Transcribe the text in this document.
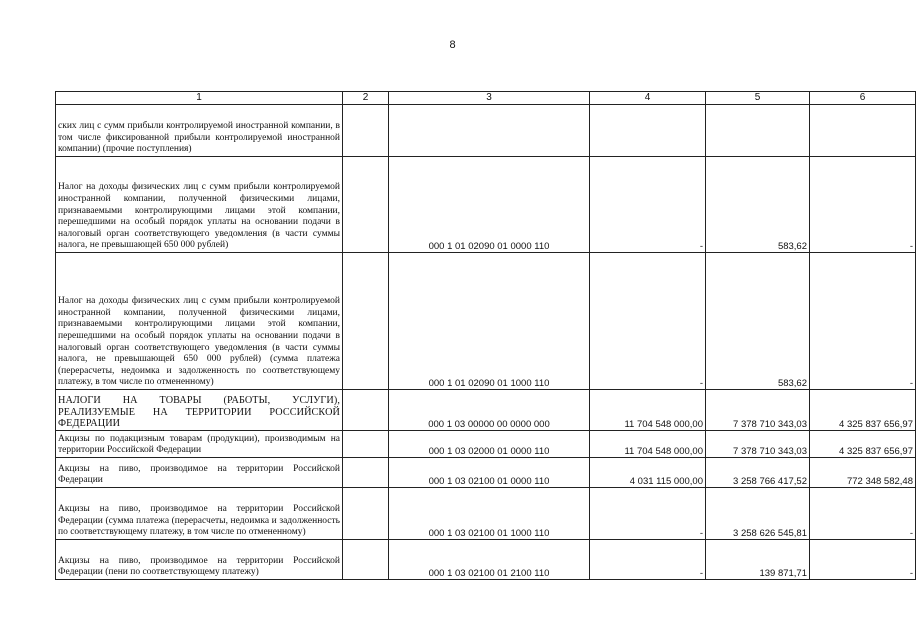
8
1	2	3	4	5	6
ских лиц с сумм прибыли контролируемой иностранной компании, в том числе фиксированной прибыли контролируемой иностранной компании) (прочие поступления)					
Налог на доходы физических лиц с сумм прибыли контролируемой иностранной компании, полученной физическими лицами, признаваемыми контролирующими лицами этой компании, перешедшими на особый порядок уплаты на основании подачи в налоговый орган соответствующего уведомления (в части суммы налога, не превышающей 650 000 рублей)		000 1 01 02090 01 0000 110	-	583,62	-
Налог на доходы физических лиц с сумм прибыли контролируемой иностранной компании, полученной физическими лицами, признаваемыми контролирующими лицами этой компании, перешедшими на особый порядок уплаты на основании подачи в налоговый орган соответствующего уведомления (в части суммы налога, не превышающей 650 000 рублей) (сумма платежа (перерасчеты, недоимка и задолженность по соответствующему платежу, в том числе по отмененному)		000 1 01 02090 01 1000 110	-	583,62	-
НАЛОГИ НА ТОВАРЫ (РАБОТЫ, УСЛУГИ), РЕАЛИЗУЕМЫЕ НА ТЕРРИТОРИИ РОССИЙСКОЙ ФЕДЕРАЦИИ		000 1 03 00000 00 0000 000	11 704 548 000,00	7 378 710 343,03	4 325 837 656,97
Акцизы по подакцизным товарам (продукции), производимым на территории Российской Федерации		000 1 03 02000 01 0000 110	11 704 548 000,00	7 378 710 343,03	4 325 837 656,97
Акцизы на пиво, производимое на территории Российской Федерации		000 1 03 02100 01 0000 110	4 031 115 000,00	3 258 766 417,52	772 348 582,48
Акцизы на пиво, производимое на территории Российской Федерации (сумма платежа (перерасчеты, недоимка и задолженность по соответствующему платежу, в том числе по отмененному)		000 1 03 02100 01 1000 110	-	3 258 626 545,81	-
Акцизы на пиво, производимое на территории Российской Федерации (пени по соответствующему платежу)		000 1 03 02100 01 2100 110	-	139 871,71	-
